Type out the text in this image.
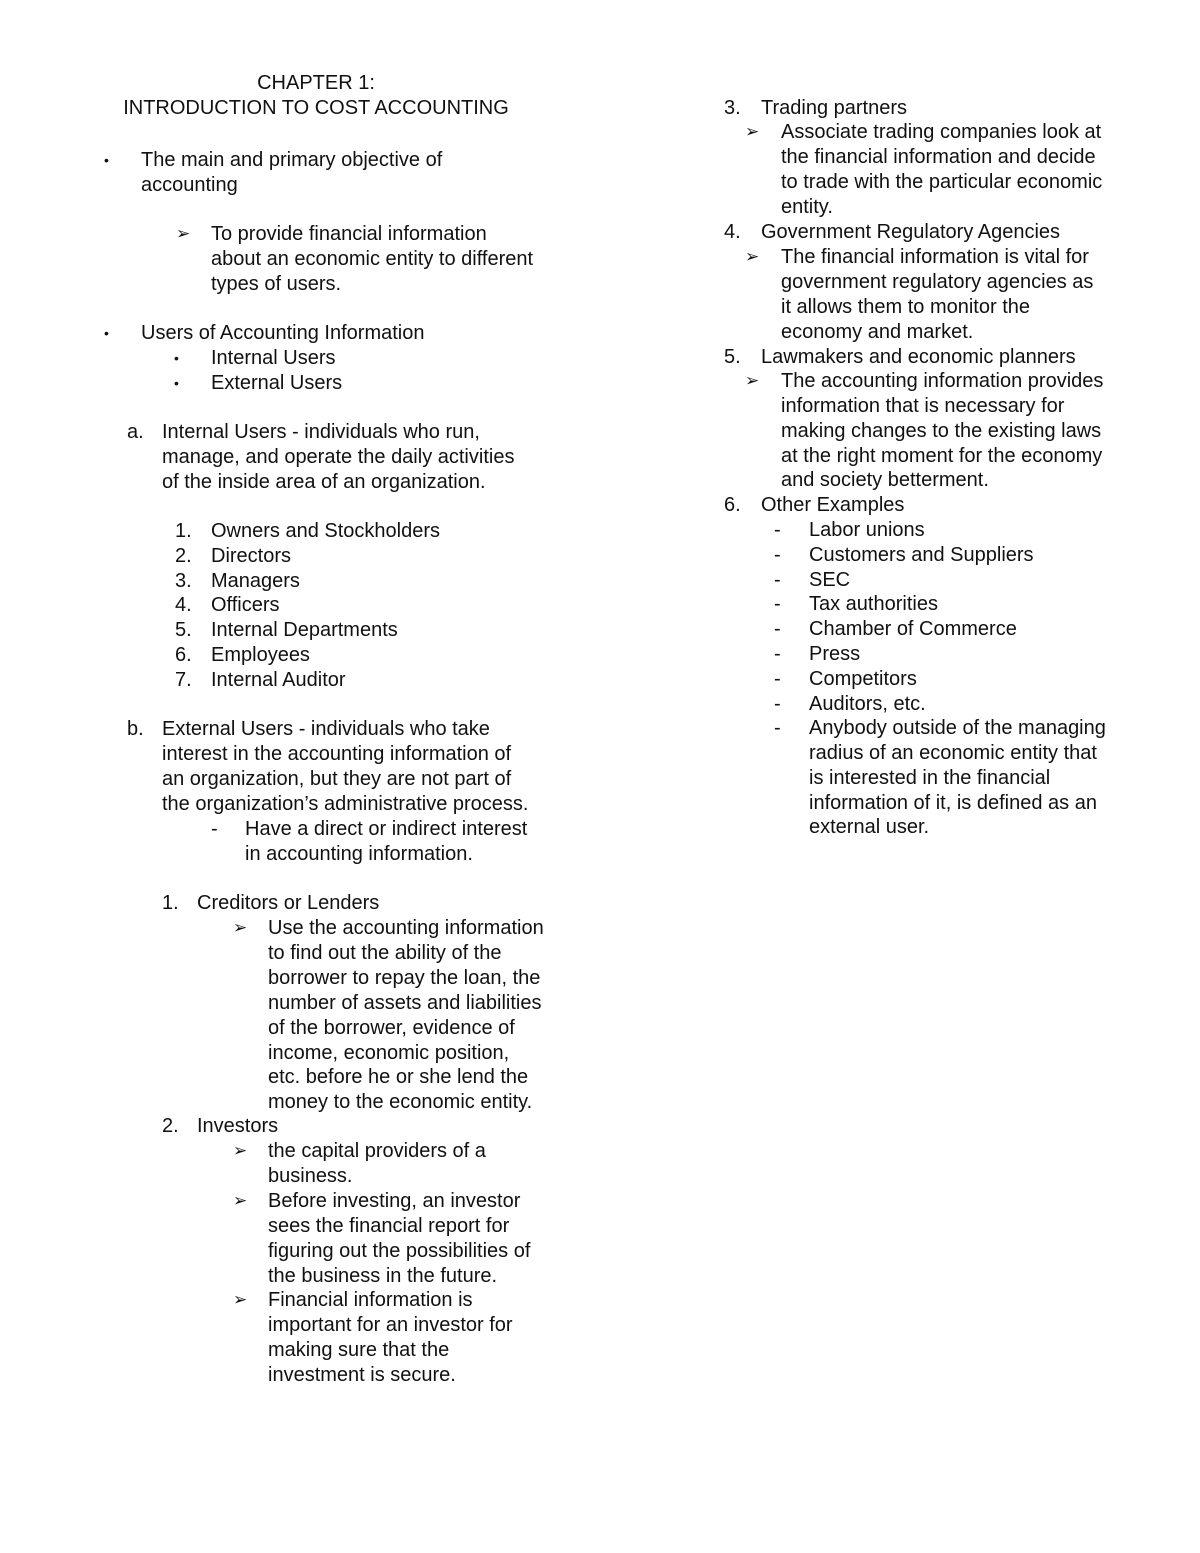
CHAPTER 1:
INTRODUCTION TO COST ACCOUNTING
• The main and primary objective of
accounting
➢ To provide financial information
about an economic entity to different
types of users.
• Users of Accounting Information
• Internal Users
• External Users
a. Internal Users - individuals who run,
manage, and operate the daily activities
of the inside area of an organization.
1. Owners and Stockholders
2. Directors
3. Managers
4. Officers
5. Internal Departments
6. Employees
7. Internal Auditor
b. External Users - individuals who take
interest in the accounting information of
an organization, but they are not part of
the organization’s administrative process.
- Have a direct or indirect interest
in accounting information.
1. Creditors or Lenders
➢ Use the accounting information
to find out the ability of the
borrower to repay the loan, the
number of assets and liabilities
of the borrower, evidence of
income, economic position,
etc. before he or she lend the
money to the economic entity.
2. Investors
➢ the capital providers of a
business.
➢ Before investing, an investor
sees the financial report for
figuring out the possibilities of
the business in the future.
➢ Financial information is
important for an investor for
making sure that the
investment is secure.
3. Trading partners
➢ Associate trading companies look at
the financial information and decide
to trade with the particular economic
entity.
4. Government Regulatory Agencies
➢ The financial information is vital for
government regulatory agencies as
it allows them to monitor the
economy and market.
5. Lawmakers and economic planners
➢ The accounting information provides
information that is necessary for
making changes to the existing laws
at the right moment for the economy
and society betterment.
6. Other Examples
- Labor unions
- Customers and Suppliers
- SEC
- Tax authorities
- Chamber of Commerce
- Press
- Competitors
- Auditors, etc.
- Anybody outside of the managing
radius of an economic entity that
is interested in the financial
information of it, is defined as an
external user.
